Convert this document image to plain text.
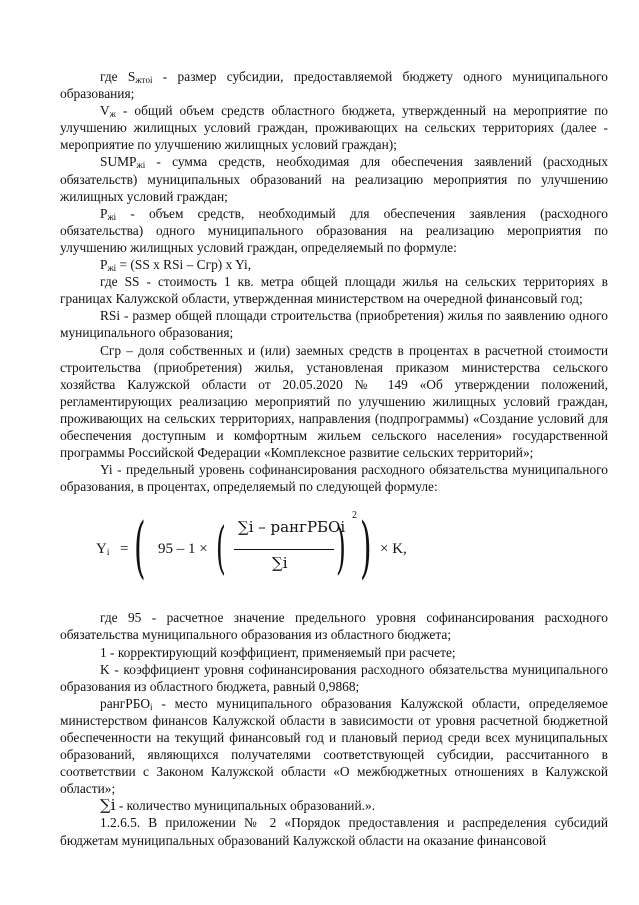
где $S_{жтoi}$ - размер субсидии, предоставляемой бюджету одного муниципального образования;

$V_ж$ - общий объем средств областного бюджета, утвержденный на мероприятие по улучшению жилищных условий граждан, проживающих на сельских территориях (далее - мероприятие по улучшению жилищных условий граждан);

$SUMP_{жi}$ - сумма средств, необходимая для обеспечения заявлений (расходных обязательств) муниципальных образований на реализацию мероприятия по улучшению жилищных условий граждан;

$P_{жi}$ - объем средств, необходимый для обеспечения заявления (расходного обязательства) одного муниципального образования на реализацию мероприятия по улучшению жилищных условий граждан, определяемый по формуле:

$P_{жi} = (SS$ x RSi – Cгр) x Yi,

где SS - стоимость 1 кв. метра общей площади жилья на сельских территориях в границах Калужской области, утвержденная министерством на очередной финансовый год;

RSi - размер общей площади строительства (приобретения) жилья по заявлению одного муниципального образования;

Cгр – доля собственных и (или) заемных средств в процентах в расчетной стоимости строительства (приобретения) жилья, установленая приказом министерства сельского хозяйства Калужской области от 20.05.2020 № 149 «Об утверждении положений, регламентирующих реализацию мероприятий по улучшению жилищных условий граждан, проживающих на сельских территориях, направления (подпрограммы) «Создание условий для обеспечения доступным и комфортным жильем сельского населения» государственной программы Российской Федерации «Комплексное развитие сельских территорий»;

Yi - предельный уровень софинансирования расходного обязательства муниципального образования, в процентах, определяемый по следующей формуле:

$Y_i$ = ( 95 – 1 × ( ∑i – рангРБОi
∑i )
2 ) × K,

где 95 - расчетное значение предельного уровня софинансирования расходного обязательства муниципального образования из областного бюджета;

1 - корректирующий коэффициент, применяемый при расчете;

K - коэффициент уровня софинансирования расходного обязательства муниципального образования из областного бюджета, равный 0,9868;

рангРБО$_i$ - место муниципального образования Калужской области, определяемое министерством финансов Калужской области в зависимости от уровня расчетной бюджетной обеспеченности на текущий финансовый год и плановый период среди всех муниципальных образований, являющихся получателями соответствующей субсидии, рассчитанного в соответствии с Законом Калужской области «О межбюджетных отношениях в Калужской области»;

∑i - количество муниципальных образований.».

1.2.6.5. В приложении № 2 «Порядок предоставления и распределения субсидий бюджетам муниципальных образований Калужской области на оказание финансовой
